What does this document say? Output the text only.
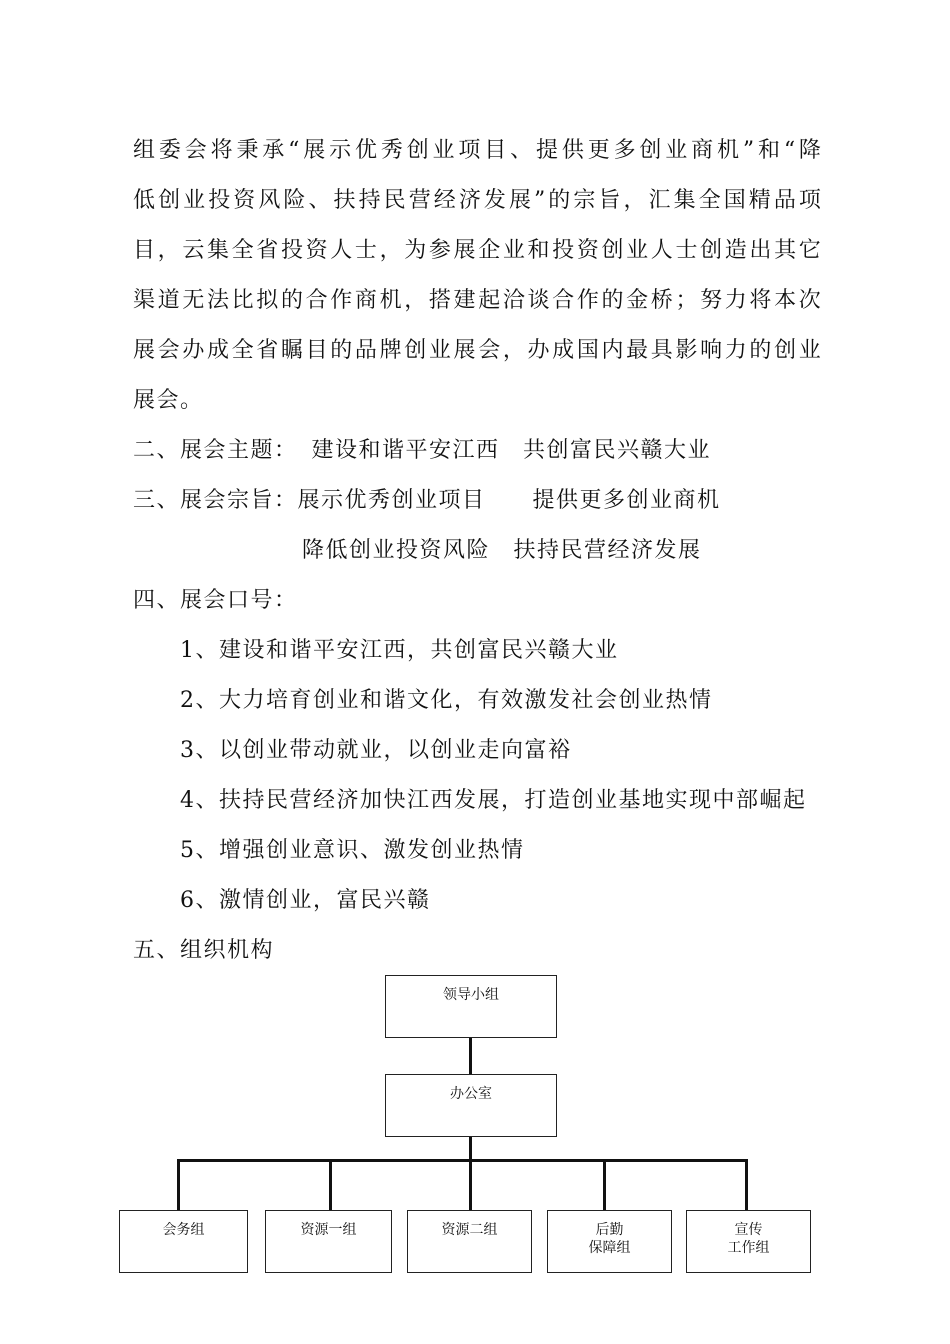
组 委 会 将 秉 承 “ 展 示 优 秀 创 业 项 目 、 提 供 更 多 创 业 商 机 ” 和 “ 降
低 创 业 投 资 风 险 、 扶 持 民 营 经 济 发 展 ” 的 宗 旨 ， 汇 集 全 国 精 品 项
目 ， 云 集 全 省 投 资 人 士 ， 为 参 展 企 业 和 投 资 创 业 人 士 创 造 出 其 它
渠 道 无 法 比 拟 的 合 作 商 机 ， 搭 建 起 洽 谈 合 作 的 金 桥 ； 努 力 将 本 次
展 会 办 成 全 省 瞩 目 的 品 牌 创 业 展 会 ， 办 成 国 内 最 具 影 响 力 的 创 业
展会。
二、展会主题： 建设和谐平安江西　共创富民兴赣大业
三、展会宗旨：展示优秀创业项目　　提供更多创业商机
降低创业投资风险　扶持民营经济发展
四、展会口号：
1、建设和谐平安江西，共创富民兴赣大业
2、大力培育创业和谐文化，有效激发社会创业热情
3、以创业带动就业，以创业走向富裕
4、扶持民营经济加快江西发展，打造创业基地实现中部崛起
5、增强创业意识、激发创业热情
6、激情创业，富民兴赣
五、组织机构
领导小组
办公室
会务组	资源一组	资源二组	后勤
保障组
宣传
工作组
